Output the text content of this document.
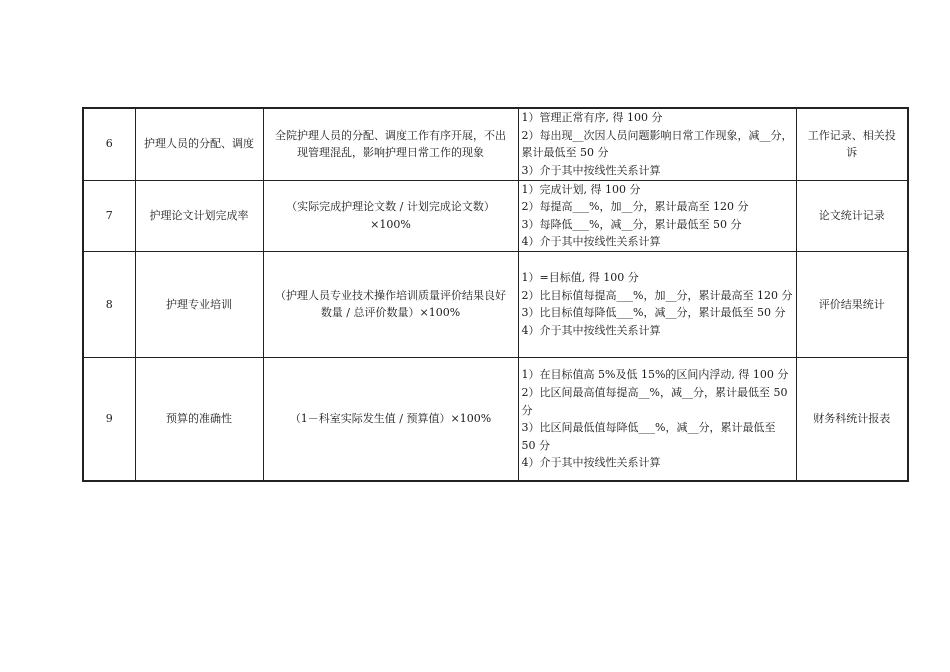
6	护理人员的分配、调度	全院护理人员的分配、调度工作有序开展，不出现管理混乱，影响护理日常工作的现象	1）管理正常有序, 得 100 分
2）每出现__次因人员问题影响日常工作现象，减__分，累计最低至 50 分
3）介于其中按线性关系计算	工作记录、相关投诉
7	护理论文计划完成率	（实际完成护理论文数 / 计划完成论文数）×100%	1）完成计划, 得 100 分
2）每提高___%，加__分，累计最高至 120 分
3）每降低___%，减__分，累计最低至 50 分
4）介于其中按线性关系计算	论文统计记录
8	护理专业培训	（护理人员专业技术操作培训质量评价结果良好数量 / 总评价数量）×100%	1）=目标值, 得 100 分
2）比目标值每提高___%，加__分，累计最高至 120 分
3）比目标值每降低___%，减__分，累计最低至 50 分
4）介于其中按线性关系计算	评价结果统计
9	预算的准确性	（1－科室实际发生值 / 预算值）×100%	1）在目标值高 5%及低 15%的区间内浮动, 得 100 分
2）比区间最高值每提高__%，减__分，累计最低至 50 分
3）比区间最低值每降低___%，减__分，累计最低至 50 分
4）介于其中按线性关系计算	财务科统计报表
